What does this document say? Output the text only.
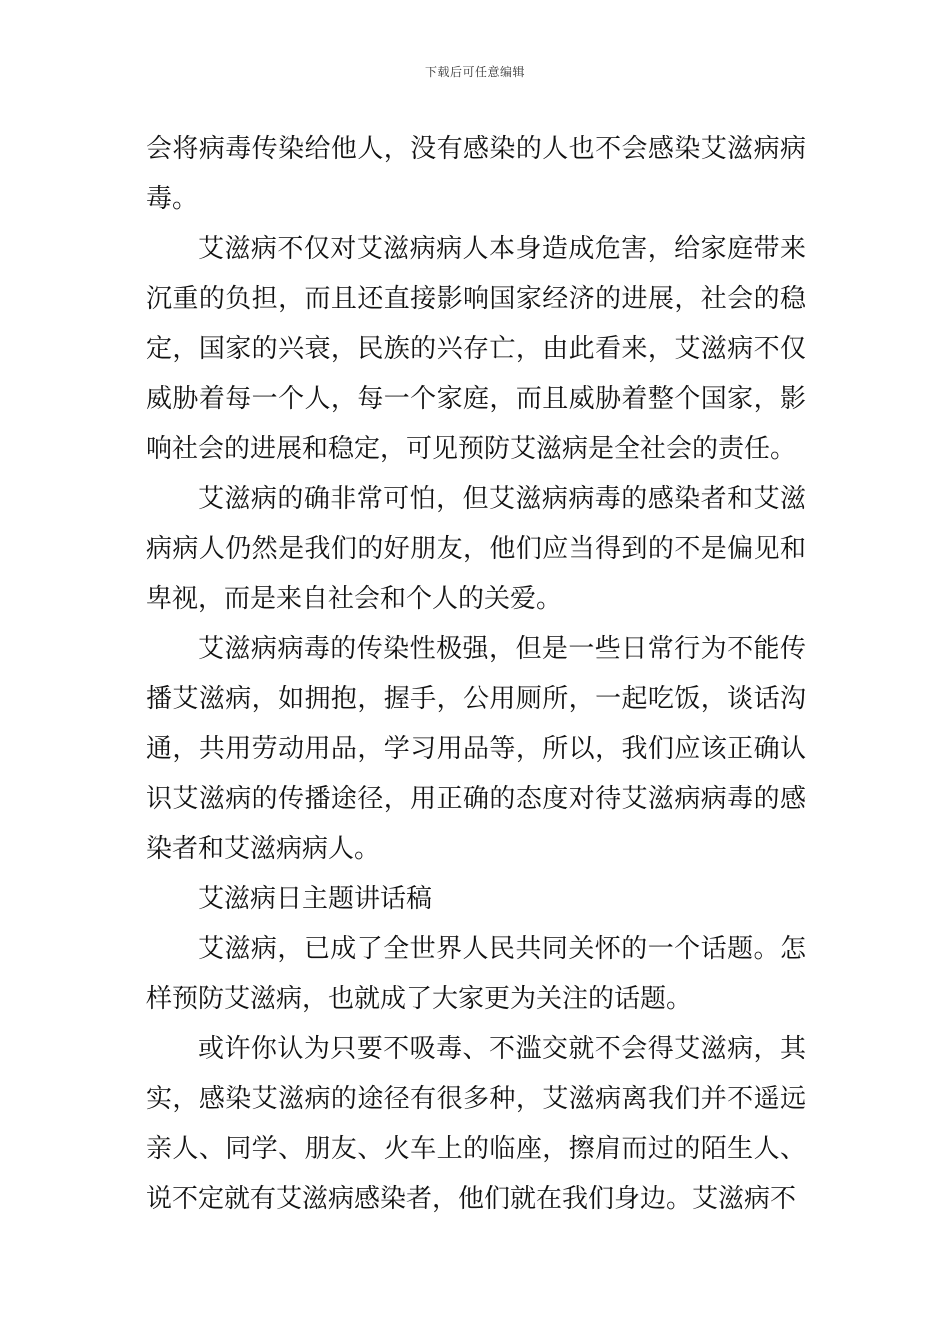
下载后可任意编辑

会将病毒传染给他人，没有感染的人也不会感染艾滋病病毒。

艾滋病不仅对艾滋病病人本身造成危害，给家庭带来沉重的负担，而且还直接影响国家经济的进展，社会的稳定，国家的兴衰，民族的兴存亡，由此看来，艾滋病不仅威胁着每一个人，每一个家庭，而且威胁着整个国家，影响社会的进展和稳定，可见预防艾滋病是全社会的责任。

艾滋病的确非常可怕，但艾滋病病毒的感染者和艾滋病病人仍然是我们的好朋友，他们应当得到的不是偏见和卑视，而是来自社会和个人的关爱。

艾滋病病毒的传染性极强，但是一些日常行为不能传播艾滋病，如拥抱，握手，公用厕所，一起吃饭，谈话沟通，共用劳动用品，学习用品等，所以，我们应该正确认识艾滋病的传播途径，用正确的态度对待艾滋病病毒的感染者和艾滋病病人。

艾滋病日主题讲话稿

艾滋病，已成了全世界人民共同关怀的一个话题。怎样预防艾滋病，也就成了大家更为关注的话题。

或许你认为只要不吸毒、不滥交就不会得艾滋病，其实，感染艾滋病的途径有很多种，艾滋病离我们并不遥远亲人、同学、朋友、火车上的临座，擦肩而过的陌生人、说不定就有艾滋病感染者，他们就在我们身边。艾滋病不
